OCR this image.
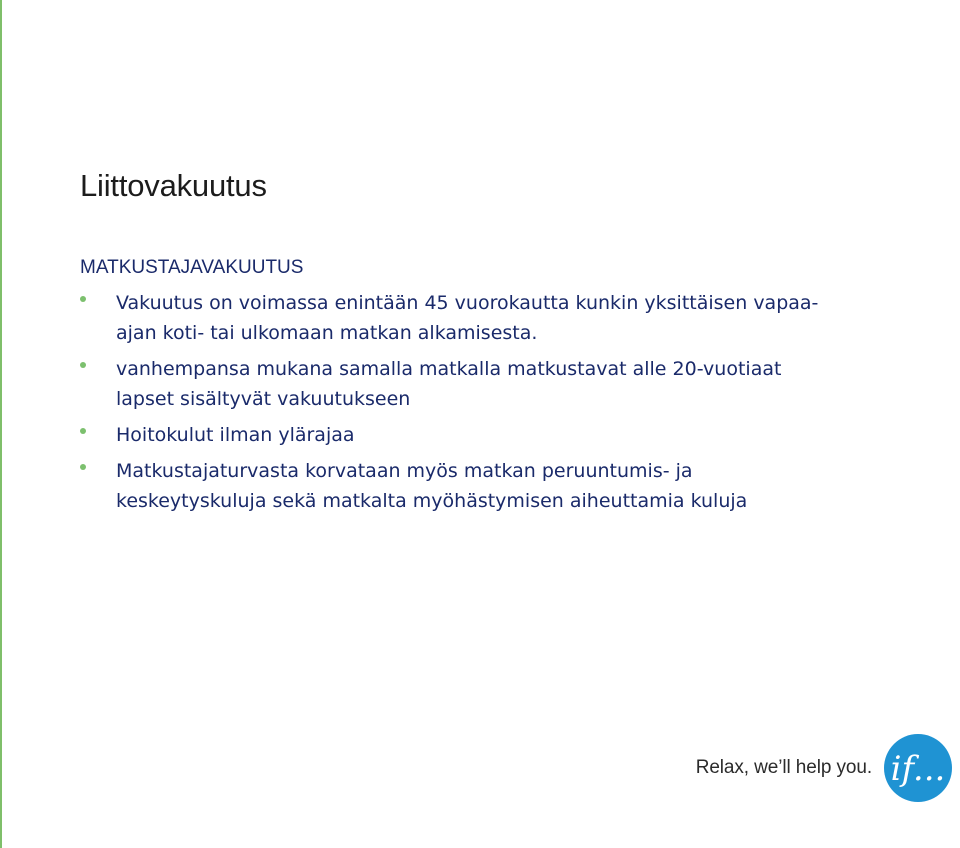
Liittovakuutus
MATKUSTAJAVAKUUTUS
Vakuutus on voimassa enintään 45 vuorokautta kunkin yksittäisen vapaa-ajan koti- tai ulkomaan matkan alkamisesta.
vanhempansa mukana samalla matkalla matkustavat alle 20-vuotiaat lapset sisältyvät vakuutukseen
Hoitokulut ilman ylärajaa
Matkustajaturvasta korvataan myös matkan peruuntumis- ja keskeytyskuluja sekä matkalta myöhästymisen aiheuttamia kuluja
Relax, we’ll help you. if...
